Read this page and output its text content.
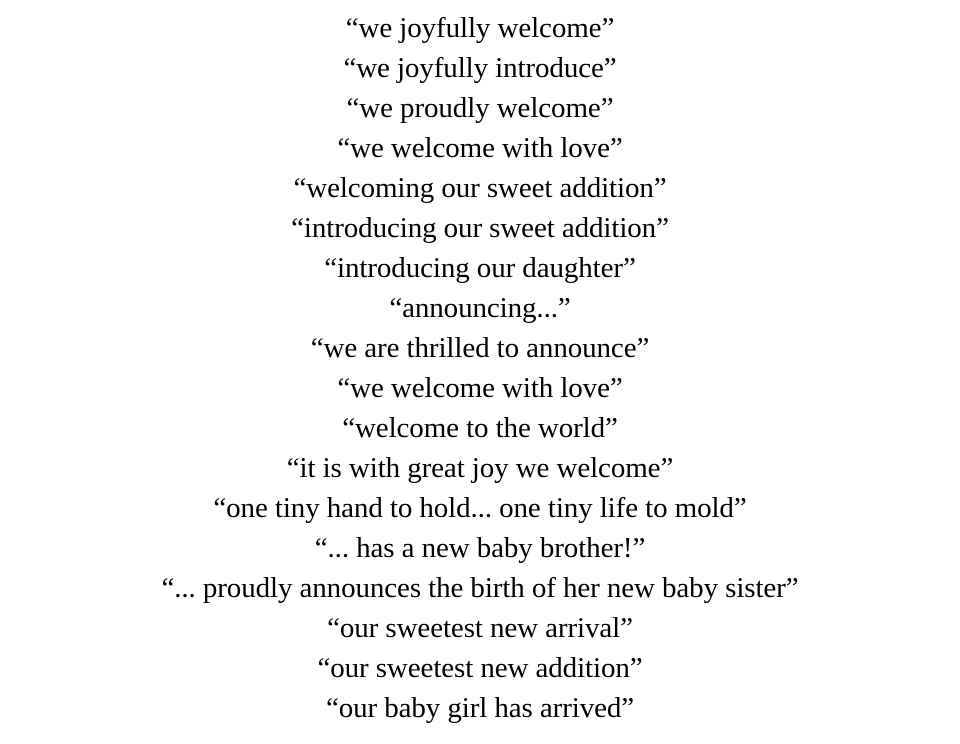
“we joyfully welcome”
“we joyfully introduce”
“we proudly welcome”
“we welcome with love”
“welcoming our sweet addition”
“introducing our sweet addition”
“introducing our daughter”
“announcing...”
“we are thrilled to announce”
“we welcome with love”
“welcome to the world”
“it is with great joy we welcome”
“one tiny hand to hold... one tiny life to mold”
“... has a new baby brother!”
“... proudly announces the birth of her new baby sister”
“our sweetest new arrival”
“our sweetest new addition”
“our baby girl has arrived”
